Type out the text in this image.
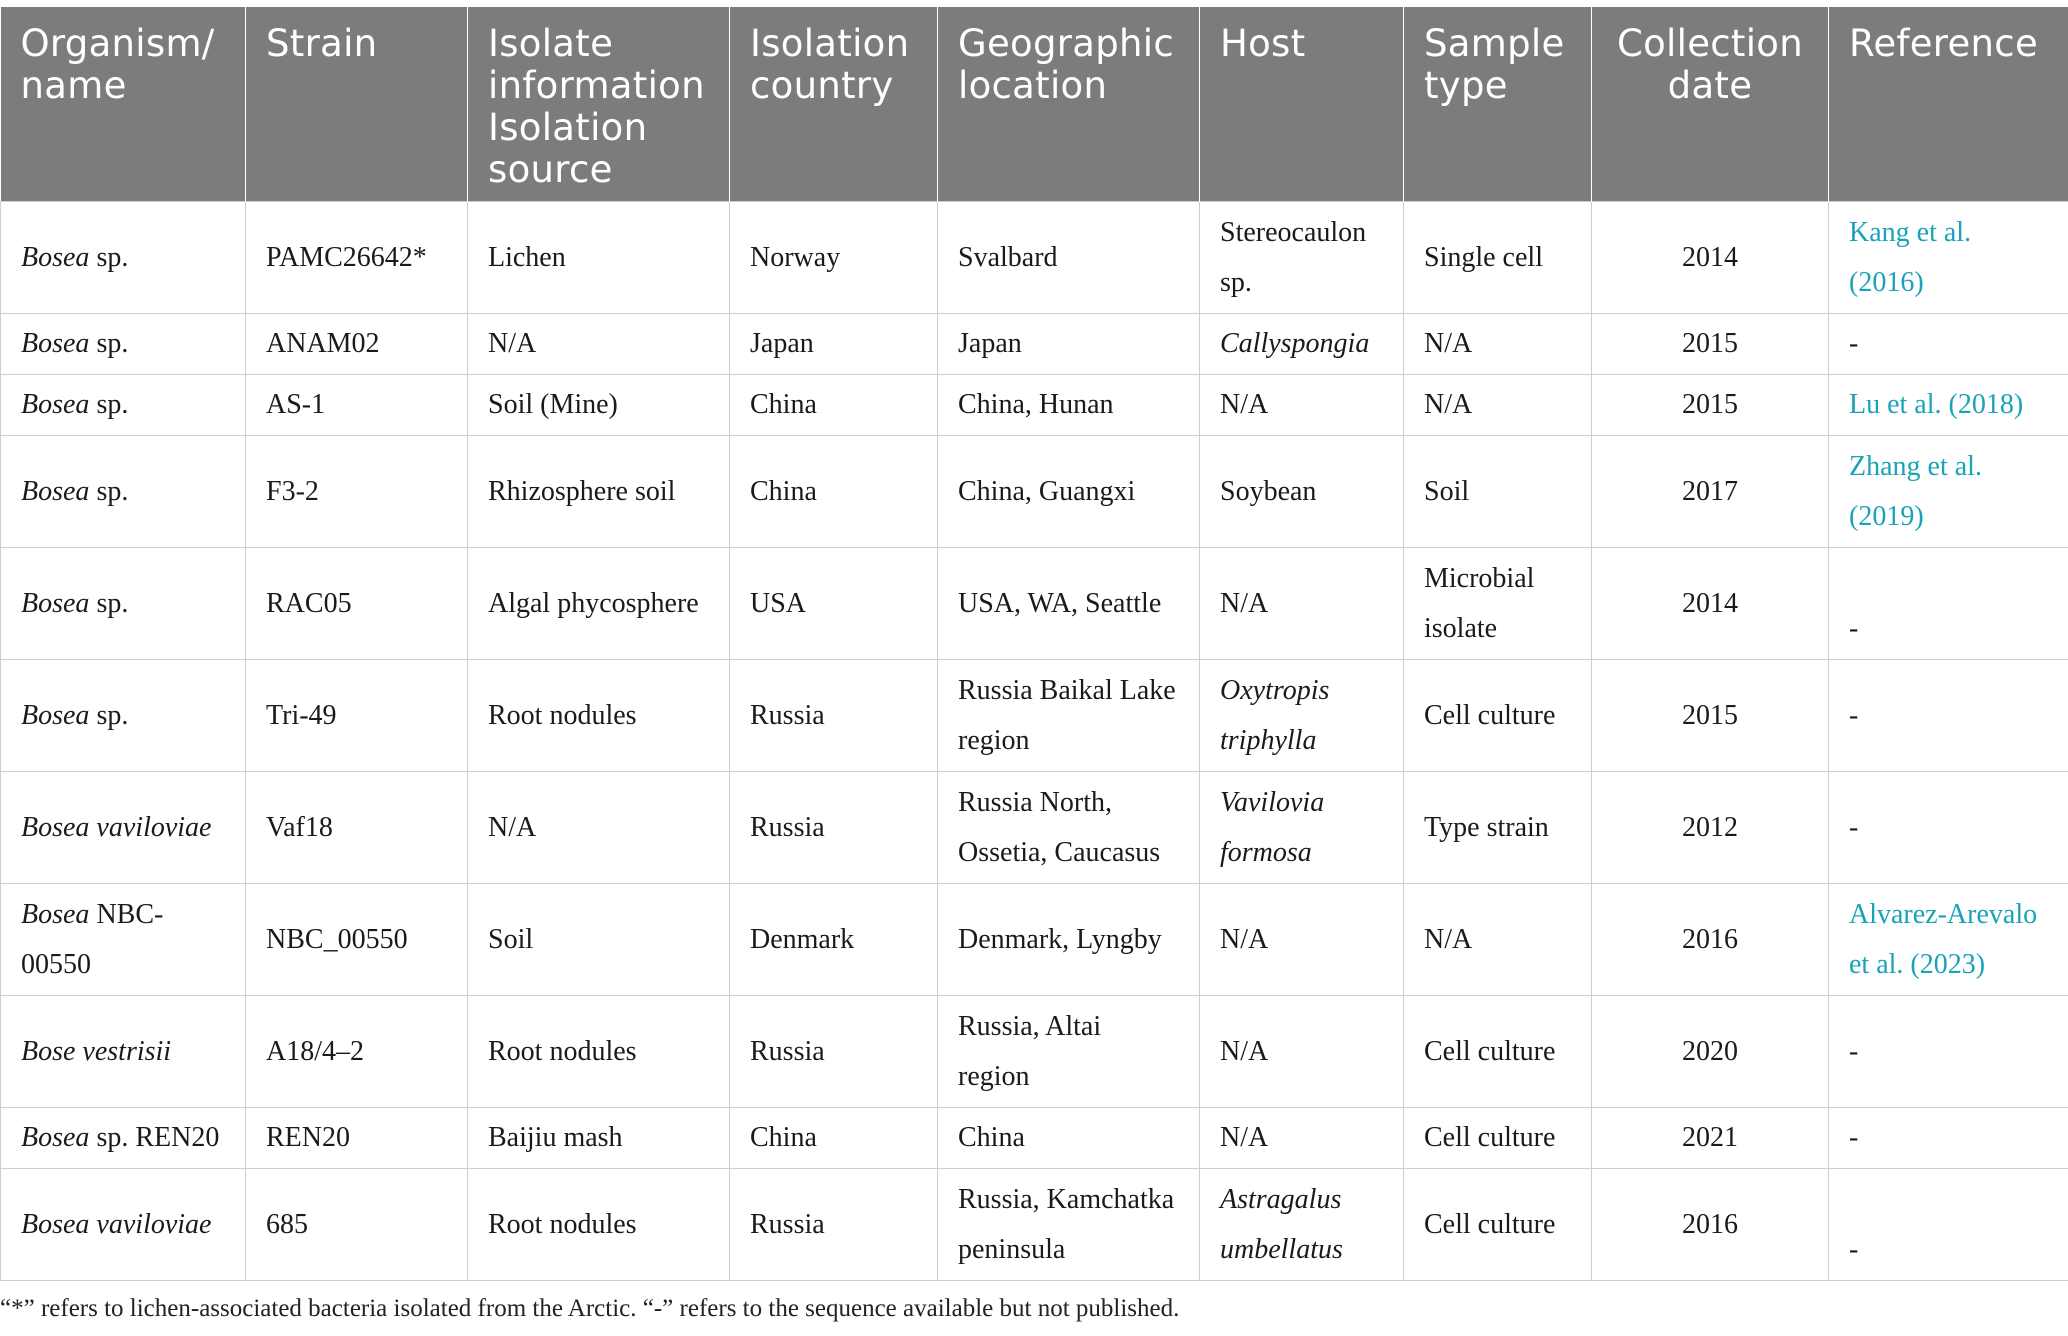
Organism/ name	Strain	Isolate information Isolation source	Isolation country	Geographic location	Host	Sample type	Collection date	Reference
Bosea sp.	PAMC26642*	Lichen	Norway	Svalbard	Stereocaulon sp.	Single cell	2014	Kang et al. (2016)
Bosea sp.	ANAM02	N/A	Japan	Japan	Callyspongia	N/A	2015	-
Bosea sp.	AS-1	Soil (Mine)	China	China, Hunan	N/A	N/A	2015	Lu et al. (2018)
Bosea sp.	F3-2	Rhizosphere soil	China	China, Guangxi	Soybean	Soil	2017	Zhang et al. (2019)
Bosea sp.	RAC05	Algal phycosphere	USA	USA, WA, Seattle	N/A	Microbial isolate	2014	-
Bosea sp.	Tri-49	Root nodules	Russia	Russia Baikal Lake region	Oxytropis triphylla	Cell culture	2015	-
Bosea vaviloviae	Vaf18	N/A	Russia	Russia North, Ossetia, Caucasus	Vavilovia formosa	Type strain	2012	-
Bosea NBC-00550	NBC_00550	Soil	Denmark	Denmark, Lyngby	N/A	N/A	2016	Alvarez-Arevalo et al. (2023)
Bose vestrisii	A18/4–2	Root nodules	Russia	Russia, Altai region	N/A	Cell culture	2020	-
Bosea sp. REN20	REN20	Baijiu mash	China	China	N/A	Cell culture	2021	-
Bosea vaviloviae	685	Root nodules	Russia	Russia, Kamchatka peninsula	Astragalus umbellatus	Cell culture	2016	-
“*” refers to lichen-associated bacteria isolated from the Arctic. “-” refers to the sequence available but not published.
